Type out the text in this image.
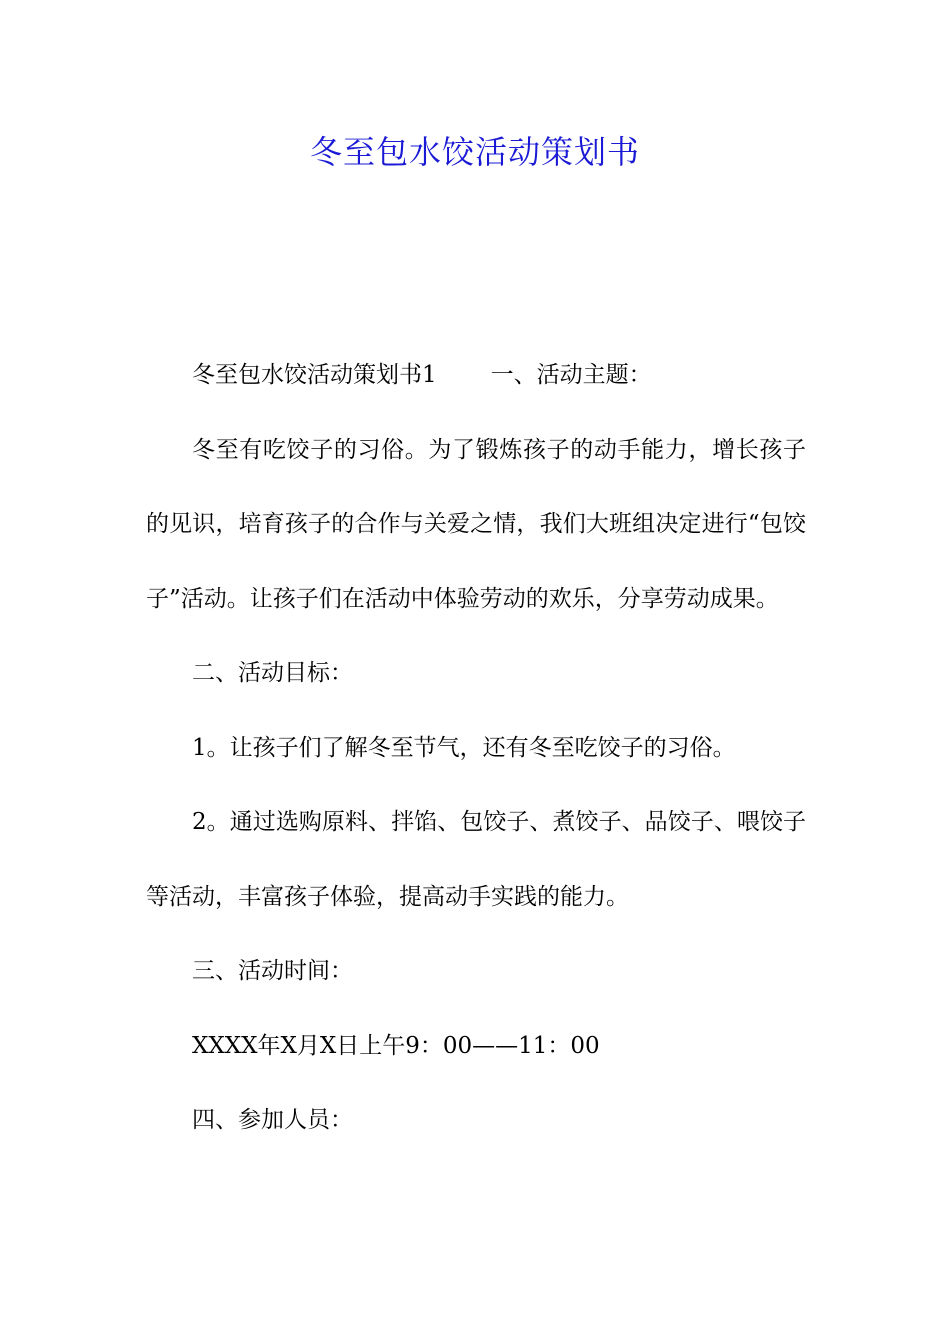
冬至包水饺活动策划书

冬至包水饺活动策划书1 一、活动主题：

冬至有吃饺子的习俗。为了锻炼孩子的动手能力，增长孩子的见识，培育孩子的合作与关爱之情，我们大班组决定进行“包饺子”活动。让孩子们在活动中体验劳动的欢乐，分享劳动成果。

二、活动目标：

1。让孩子们了解冬至节气，还有冬至吃饺子的习俗。

2。通过选购原料、拌馅、包饺子、煮饺子、品饺子、喂饺子等活动，丰富孩子体验，提高动手实践的能力。

三、活动时间：

XXXX年X月X日上午9：00——11：00

四、参加人员：
